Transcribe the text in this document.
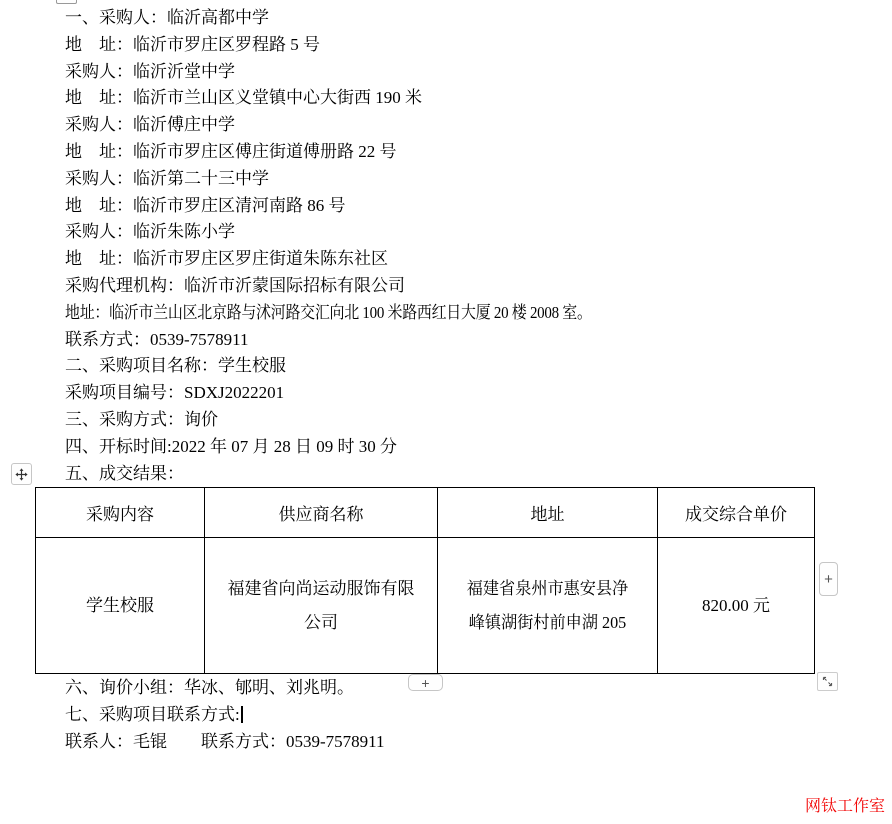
一、采购人：临沂高都中学
地　址：临沂市罗庄区罗程路 5 号
采购人：临沂沂堂中学
地　址：临沂市兰山区义堂镇中心大街西 190 米
采购人：临沂傅庄中学
地　址：临沂市罗庄区傅庄街道傅册路 22 号
采购人：临沂第二十三中学
地　址：临沂市罗庄区清河南路 86 号
采购人：临沂朱陈小学
地　址：临沂市罗庄区罗庄街道朱陈东社区
采购代理机构：临沂市沂蒙国际招标有限公司
地址：临沂市兰山区北京路与沭河路交汇向北 100 米路西红日大厦 20 楼 2008 室。
联系方式：0539-7578911
二、采购项目名称：学生校服
采购项目编号：SDXJ2022201
三、采购方式：询价
四、开标时间:2022 年 07 月 28 日 09 时 30 分
五、成交结果：
采购内容	供应商名称	地址	成交综合单价
学生校服	福建省向尚运动服饰有限公司	福建省泉州市惠安县净峰镇湖街村前申湖 205	820.00 元
+
+
六、询价小组：华冰、郇明、刘兆明。
七、采购项目联系方式:
联系人：毛锟　　联系方式：0539-7578911
网钛工作室
